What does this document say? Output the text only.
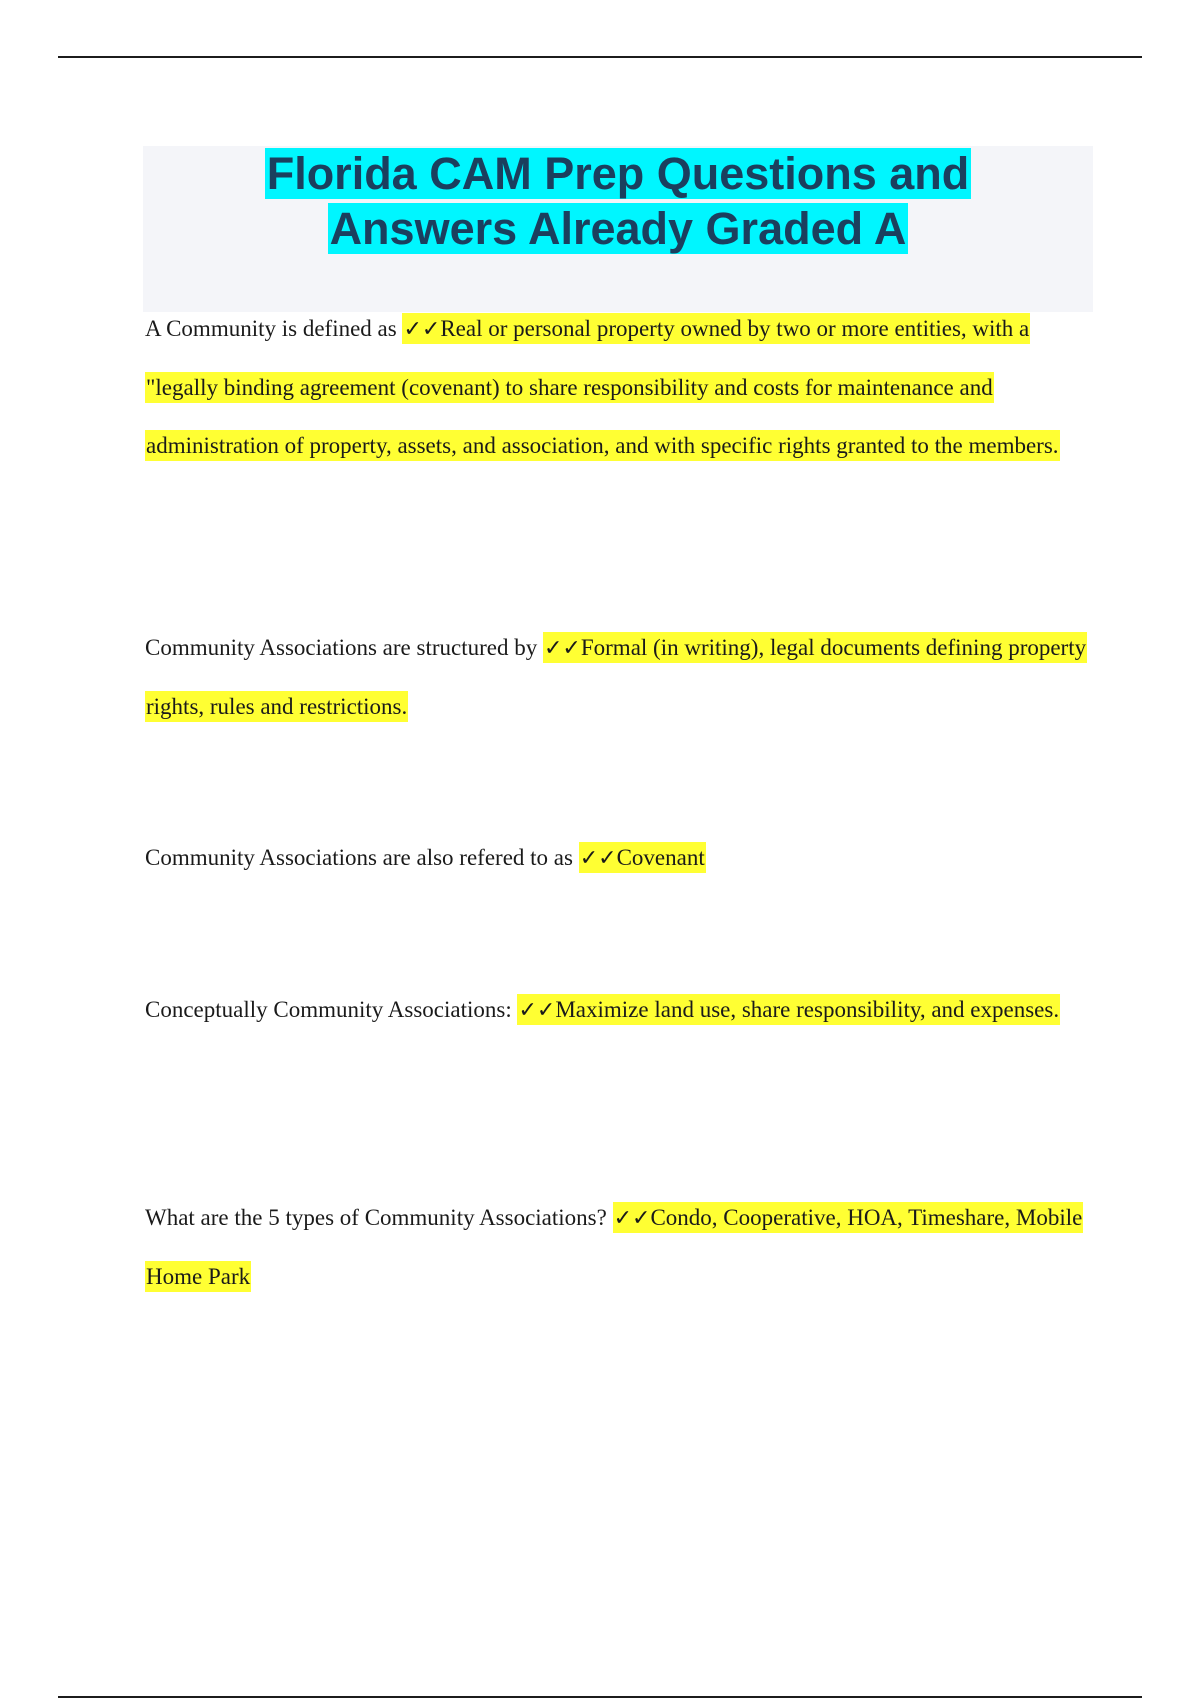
Florida CAM Prep Questions and
Answers Already Graded A

A Community is defined as ✓✓Real or personal property owned by two or more entities, with a "legally binding agreement (covenant) to share responsibility and costs for maintenance and administration of property, assets, and association, and with specific rights granted to the members.

Community Associations are structured by ✓✓Formal (in writing), legal documents defining property rights, rules and restrictions.

Community Associations are also refered to as ✓✓Covenant

Conceptually Community Associations: ✓✓Maximize land use, share responsibility, and expenses.

What are the 5 types of Community Associations? ✓✓Condo, Cooperative, HOA, Timeshare, Mobile Home Park
